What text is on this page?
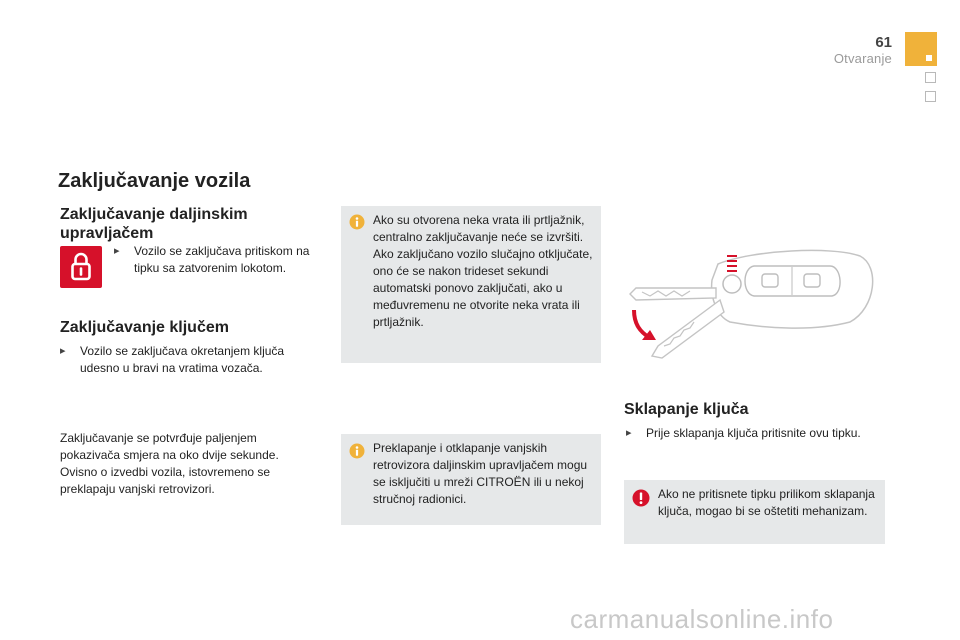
61
Otvaranje
Zaključavanje vozila
Zaključavanje daljinskim upravljačem
▸	Vozilo se zaključava pritiskom na tipku sa zatvorenim lokotom.
Zaključavanje ključem
▸	Vozilo se zaključava okretanjem ključa udesno u bravi na vratima vozača.
Zaključavanje se potvrđuje paljenjem pokazivača smjera na oko dvije sekunde. Ovisno o izvedbi vozila, istovremeno se preklapaju vanjski retrovizori.
Ako su otvorena neka vrata ili prtljažnik, centralno zaključavanje neće se izvršiti.
Ako zaključano vozilo slučajno otključate, ono će se nakon trideset sekundi automatski ponovo zaključati, ako u međuvremenu ne otvorite neka vrata ili prtljažnik.
Preklapanje i otklapanje vanjskih retrovizora daljinskim upravljačem mogu se isključiti u mreži CITROËN ili u nekoj stručnoj radionici.
Sklapanje ključa
▸	Prije sklapanja ključa pritisnite ovu tipku.
Ako ne pritisnete tipku prilikom sklapanja ključa, mogao bi se oštetiti mehanizam.
carmanualsonline.info
